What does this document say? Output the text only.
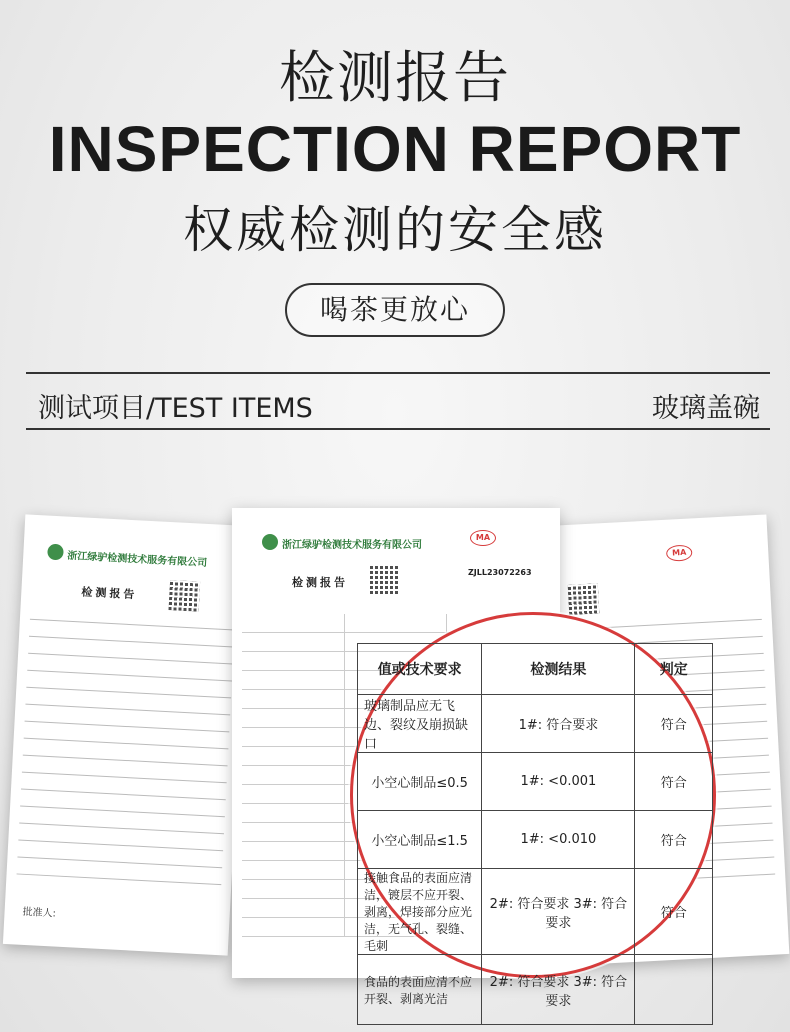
检测报告
INSPECTION REPORT
权威检测的安全感
喝茶更放心
测试项目/TEST ITEMS	玻璃盖碗
浙江绿驴检测技术服务有限公司
检测报告
批准人:
MA
浙江绿驴检测技术服务有限公司
MA
检测报告
ZJLL23072263
值或技术要求	检测结果	判定
玻璃制品应无飞边、裂纹及崩损缺口	1#: 符合要求	符合
小空心制品≤0.5	1#: <0.001	符合
小空心制品≤1.5	1#: <0.010	符合
接触食品的表面应清洁，镀层不应开裂、剥离，焊接部分应光洁，无气孔、裂缝、毛刺	2#: 符合要求 3#: 符合要求	符合
食品的表面应清不应开裂、剥离光洁	2#: 符合要求 3#: 符合要求	
